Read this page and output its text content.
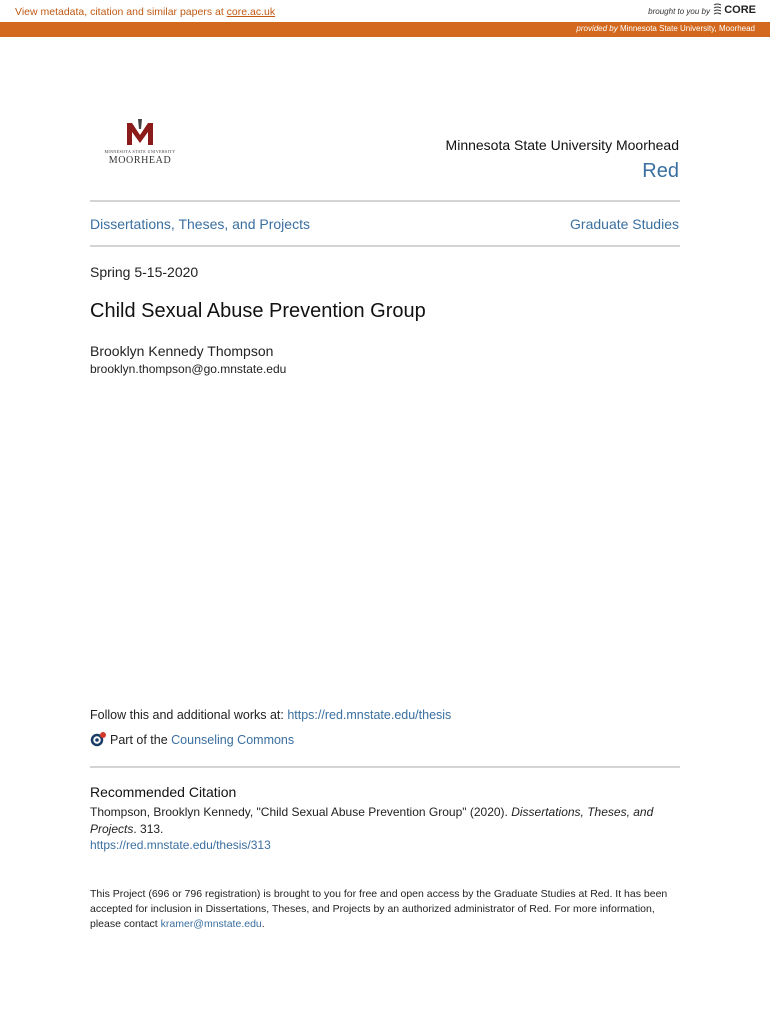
View metadata, citation and similar papers at core.ac.uk	brought to you by	CORE
provided by Minnesota State University, Moorhead
MINNESOTA STATE UNIVERSITY
MOORHEAD
Minnesota State University Moorhead
Red
Dissertations, Theses, and Projects	Graduate Studies
Spring 5-15-2020
Child Sexual Abuse Prevention Group
Brooklyn Kennedy Thompson
brooklyn.thompson@go.mnstate.edu
Follow this and additional works at: https://red.mnstate.edu/thesis
Part of the Counseling Commons
Recommended Citation
Thompson, Brooklyn Kennedy, "Child Sexual Abuse Prevention Group" (2020). Dissertations, Theses, and Projects. 313.
https://red.mnstate.edu/thesis/313
This Project (696 or 796 registration) is brought to you for free and open access by the Graduate Studies at Red. It has been accepted for inclusion in Dissertations, Theses, and Projects by an authorized administrator of Red. For more information, please contact kramer@mnstate.edu.
